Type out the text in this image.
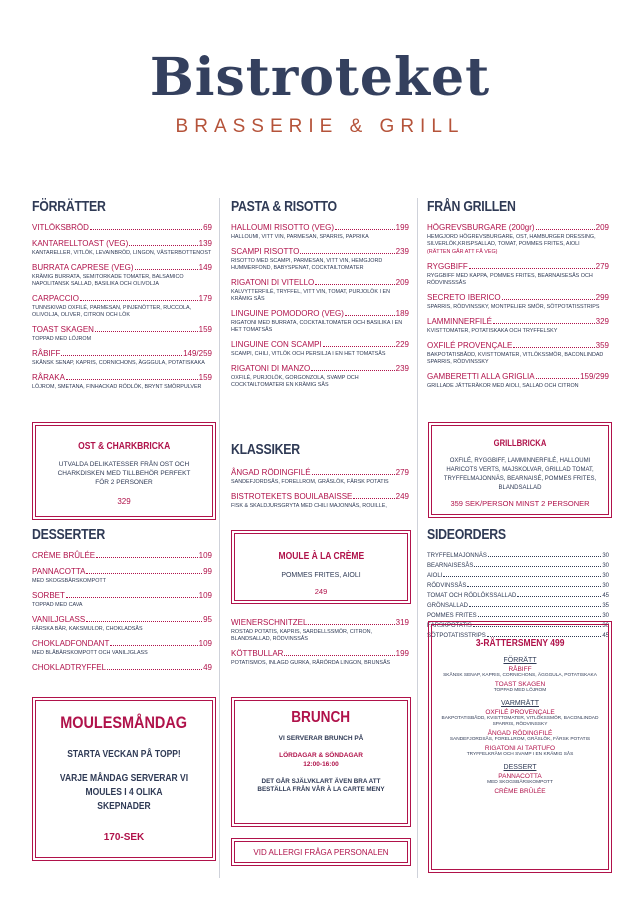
Bistroteket
BRASSERIE & GRILL
FÖRRÄTTER
VITLÖKSBRÖD	69
KANTARELLTOAST (VEG)	139
KANTARELLER, VITLÖK, LEVAINBRÖD, LINGON, VÄSTERBOTTENOST
BURRATA CAPRESE (VEG)	149
KRÄMIG BURRATA, SEMITORKADE TOMATER, BALSAMICO NAPOLITANSK SALLAD, BASILIKA OCH OLIVOLJA
CARPACCIO	179
TUNNSKIVAD OXFILÉ, PARMESAN, PINJENÖTTER, RUCCOLA, OLIVOLJA, OLIVER, CITRON OCH LÖK
TOAST SKAGEN	159
TOPPAD MED LÖJROM
RÅBIFF	149/259
SKÅNSK SENAP, KAPRIS, CORNICHONS, ÄGGGULA, POTATISKAKA
RÅRAKA	159
LÖJROM, SMETANA, FINHACKAD RÖDLÖK, BRYNT SMÖRPULVER
OST & CHARKBRICKA
UTVALDA DELIKATESSER FRÅN OST OCH CHARKDISKEN MED TILLBEHÖR PERFEKT FÖR 2 PERSONER
329
DESSERTER
CRÈME BRÛLÉE	109
PANNACOTTA	99
MED SKOGSBÄRSKOMPOTT
SORBET	109
TOPPAD MED CAVA
VANILJGLASS	95
FÄRSKA BÄR, KAKSMULOR, CHOKLADSÅS
CHOKLADFONDANT	109
MED BLÅBÄRSKOMPOTT OCH VANILJGLASS
CHOKLADTRYFFEL	49
MOULESMÅNDAG
STARTA VECKAN PÅ TOPP!
VARJE MÅNDAG SERVERAR VI MOULES I 4 OLIKA SKEPNADER
170-SEK
PASTA & RISOTTO
HALLOUMI RISOTTO (VEG)	199
HALLOUMI, VITT VIN, PARMESAN, SPARRIS, PAPRIKA
SCAMPI RISOTTO	239
RISOTTO MED SCAMPI, PARMESAN, VITT VIN, HEMGJORD HUMMERFOND, BABYSPENAT, COCKTAILTOMATER
RIGATONI DI VITELLO	209
KALVYTTERFILÉ, TRYFFEL, VITT VIN, TOMAT, PURJOLÖK I EN KRÄMIG SÅS
LINGUINE POMODORO (VEG)	189
RIGATONI MED BURRATA, COCKTAILTOMATER OCH BASILIKA I EN HET TOMATSÅS
LINGUINE CON SCAMPI	229
SCAMPI, CHILI, VITLÖK OCH PERSILJA I EN HET TOMATSÅS
RIGATONI DI MANZO	239
OXFILÉ, PURJOLÖK, GORGONZOLA, SVAMP OCH COCKTAILTOMATERI EN KRÄMIG SÅS
KLASSIKER
ÅNGAD RÖDINGFILÉ	279
SANDEFJORDSÅS, FORELLROM, GRÄSLÖK, FÄRSK POTATIS
BISTROTEKETS BOUILABAISSE	249
FISK & SKALDJURSGRYTA MED CHILI MAJONNÄS, ROUILLE,
MOULE À LA CRÈME
POMMES FRITES, AIOLI
249
WIENERSCHNITZEL	319
ROSTAD POTATIS, KAPRIS, SARDELLSSMÖR, CITRON, BLANDSALLAD, RÖDVINSSÅS
KÖTTBULLAR	199
POTATISMOS, INLAGD GURKA, RÅRÖRDA LINGON, BRUNSÅS
BRUNCH
VI SERVERAR BRUNCH PÅ
LÖRDAGAR & SÖNDAGAR
12:00-16:00
DET GÅR SJÄLVKLART ÄVEN BRA ATT BESTÄLLA FRÅN VÅR À LA CARTE MENY
VID ALLERGI FRÅGA PERSONALEN
FRÅN GRILLEN
HÖGREVSBURGARE (200gr)	209
HEMGJORD HÖGREVSBURGARE, OST, HAMBURGER DRESSING, SILVERLÖK,KRISPSALLAD, TOMAT, POMMES FRITES, AIOLI
(RÄTTEN GÅR ATT FÅ VEG)
RYGGBIFF	279
RYGGBIFF MED KAPPA, POMMES FRITES, BEARNAISESÅS OCH RÖDVINSSSÅS
SECRETO IBERICO	299
SPARRIS, RÖDVINSSKY, MONTPELIER SMÖR, SÖTPOTATISSTRIPS
LAMMINNERFILÉ	329
KVISTTOMATER, POTATISKAKA OCH TRYFFELSKY
OXFILÉ PROVENÇALE	359
BAKPOTATISBÅDD, KVISTTOMATER, VITLÖKSSMÖR, BACONLINDAD SPARRIS, RÖDVINSSKY
GAMBERETTI ALLA GRIGLIA	159/299
GRILLADE JÄTTERÄKOR MED AIOLI, SALLAD OCH CITRON
GRILLBRICKA
OXFILÉ, RYGGBIFF, LAMMINNERFILÉ, HALLOUMI HARICOTS VERTS, MAJSKOLVAR, GRILLAD TOMAT, TRYFFELMAJONNÄS, BEARNAISÉ, POMMES FRITES, BLANDSALLAD
359 SEK/PERSON MINST 2 PERSONER
SIDEORDERS
TRYFFELMAJONNÄS	30
BEARNAISESÅS	30
AIOLI	30
RÖDVINSSÅS	30
TOMAT OCH RÖDLÖKSSALLAD	45
GRÖNSALLAD	35
POMMES FRITES	30
FÄRSKPOTATIS	30
SÖTPOTATISSTRIPS	45
3-RÄTTERSMENY 499
FÖRRÄTT
RÅBIFF
SKÅNSK SENAP, KAPRIS, CORNICHONS, ÄGGGULA, POTATISKAKA
TOAST SKAGEN
TOPPAD MED LÖJROM
VARMRÄTT
OXFILÉ PROVENÇALE
BAKPOTATISBÅDD, KVISTTOMATER, VITLÖKSSMÖR, BACONLINDAD SPARRIS, RÖDVINSSKY
ÅNGAD RÖDINGFILÉ
SANDEFJORDSÅS, FORELLROM, GRÄSLÖK, FÄRSK POTATIS
RIGATONI AI TARTUFO
TRYFFELKRÄM OCH SVAMP I EN KRÄMIG SÅS
DESSERT
PANNACOTTA
MED SKOGSBÄRSKOMPOTT
CRÈME BRÛLÉE
